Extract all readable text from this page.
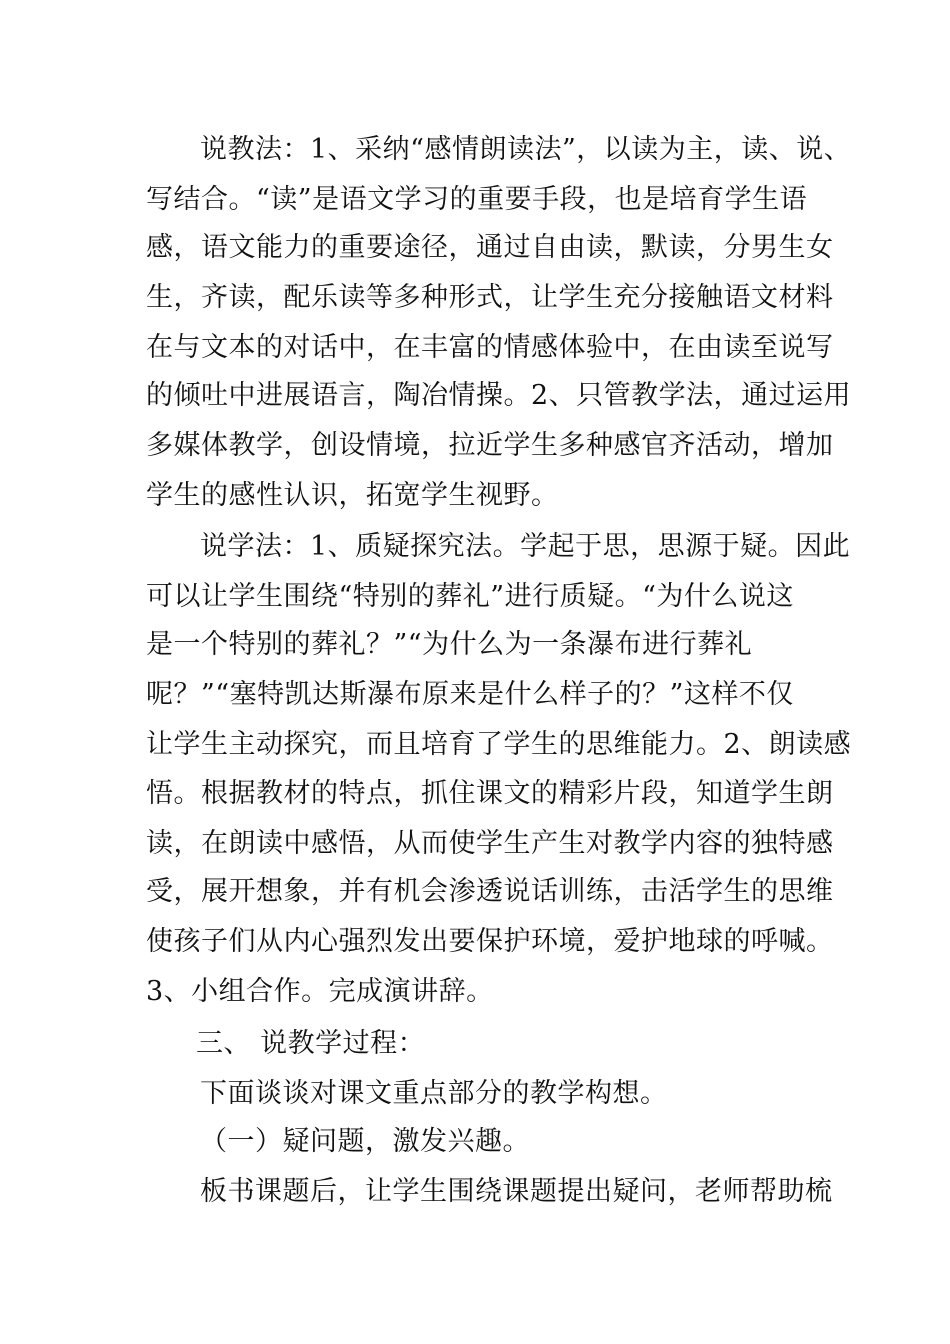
说教法：1、采纳“感情朗读法”，以读为主，读、说、
写结合。“读”是语文学习的重要手段，也是培育学生语
感，语文能力的重要途径，通过自由读，默读，分男生女
生，齐读，配乐读等多种形式，让学生充分接触语文材料
在与文本的对话中，在丰富的情感体验中，在由读至说写
的倾吐中进展语言，陶冶情操。2、只管教学法，通过运用
多媒体教学，创设情境，拉近学生多种感官齐活动，增加
学生的感性认识，拓宽学生视野。
说学法：1、质疑探究法。学起于思，思源于疑。因此
可以让学生围绕“特别的葬礼”进行质疑。“为什么说这
是一个特别的葬礼？”“为什么为一条瀑布进行葬礼
呢？”“塞特凯达斯瀑布原来是什么样子的？”这样不仅
让学生主动探究，而且培育了学生的思维能力。2、朗读感
悟。根据教材的特点，抓住课文的精彩片段，知道学生朗
读，在朗读中感悟，从而使学生产生对教学内容的独特感
受，展开想象，并有机会渗透说话训练，击活学生的思维
使孩子们从内心强烈发出要保护环境，爱护地球的呼喊。
3、小组合作。完成演讲辞。
三、 说教学过程：
下面谈谈对课文重点部分的教学构想。
（一）疑问题，激发兴趣。
板书课题后，让学生围绕课题提出疑问，老师帮助梳
